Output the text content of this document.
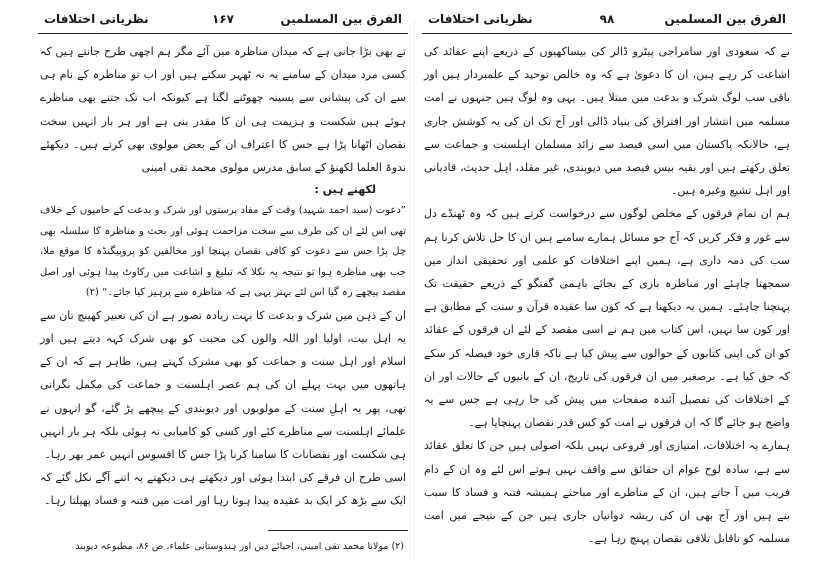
الفرق بین المسلمین
۱۶۷
نظریاتی اختلافات

تے بھی بڑا جانی ہے کہ میدان مناظرہ میں آئے مگر ہم اچھی طرح جانتے ہیں کہ کسی مرد میدان کے سامنے یہ نہ ٹھہر سکتے ہیں اور اب تو مناظرہ کے نام ہی سے ان کی پیشانی سے پسینہ چھوٹنے لگتا ہے کیونکہ اب تک جتنے بھی مناظرے ہوئے ہیں شکست و ہزیمت ہی ان کا مقدر بنی ہے اور ہر بار انہیں سخت نقصان اٹھانا پڑا ہے جس کا اعتراف ان کے بعض مولوی بھی کرتے ہیں۔ دیکھئے ندوۃ العلما لکھنؤ کے سابق مدرس مولوی محمد تقی امینی

لکھتے ہیں :

”دعوت (سید احمد شہید) وقت کے مفاد پرستوں اور شرک و بدعت کے حامیوں کے خلاف تھی اس لئے ان کی طرف سے سخت مزاحمت ہوئی اور بحث و مناظرہ کا سلسلہ بھی چل پڑا جس سے دعوت کو کافی نقصان پہنچا اور مخالفین کو پروپیگنڈہ کا موقع ملا، جب بھی مناظرہ ہوا تو نتیجہ یہ نکلا کہ تبلیغ و اشاعت میں رکاوٹ پیدا ہوئی اور اصل مقصد پیچھے رہ گیا اس لئے بہتر یہی ہے کہ مناظرہ سے پرہیز کیا جائے۔“ (۲)

ان کے ذہن میں شرک و بدعت کا بہت زیادہ تصور ہے ان کی تعبیر کھینچ تان سے یہ اہل بیت، اولیا اور اللہ والوں کی محبت کو بھی شرک کہہ دیتے ہیں اور اسلام اور اہل سنت و جماعت کو بھی مشرک کہتے ہیں، ظاہر ہے کہ ان کے ہاتھوں میں بہت پہلے ان کی ہم عصر اہلسنت و جماعت کی مکمل نگرانی تھی، پھر یہ اہلِ سنت کے مولویوں اور دیوبندی کے پیچھے پڑ گئے، گو انہوں نے علمائے اہلسنت سے مناظرے کئے اور کسی کو کامیابی نہ ہوئی بلکہ ہر بار انہیں ہی شکست اور نقصانات کا سامنا کرنا پڑا جس کا افسوس انہیں عمر بھر رہا۔

اسی طرح ان فرقے کی ابتدا ہوئی اور دیکھتے ہی دیکھتے یہ اتنے آگے نکل گئے کہ ایک سے بڑھ کر ایک بد عقیدہ پیدا ہوتا رہا اور امت میں فتنہ و فساد پھیلتا رہا۔

(۲) مولانا محمد تقی امینی، احیائے دین اور ہندوستانی علماء، ص ۸۶، مطبوعہ دیوبند
الفرق بین المسلمین
۹۸
نظریاتی اختلافات

نے کہ سعودی اور سامراجی پیٹرو ڈالر کی بیساکھیوں کے ذریعے اپنے عقائد کی اشاعت کر رہے ہیں، ان کا دعویٰ ہے کہ وہ خالص توحید کے علمبردار ہیں اور باقی سب لوگ شرک و بدعت میں مبتلا ہیں۔ یہی وہ لوگ ہیں جنہوں نے امت مسلمہ میں انتشار اور افتراق کی بنیاد ڈالی اور آج تک ان کی یہ کوشش جاری ہے، حالانکہ پاکستان میں اسی فیصد سے زائد مسلمان اہلسنت و جماعت سے تعلق رکھتے ہیں اور بقیہ بیس فیصد میں دیوبندی، غیر مقلد، اہل حدیث، قادیانی اور اہل تشیع وغیرہ ہیں۔

ہم ان تمام فرقوں کے مخلص لوگوں سے درخواست کرتے ہیں کہ وہ ٹھنڈے دل سے غور و فکر کریں کہ آج جو مسائل ہمارے سامنے ہیں ان کا حل تلاش کرنا ہم سب کی ذمہ داری ہے، ہمیں اپنے اختلافات کو علمی اور تحقیقی انداز میں سمجھنا چاہئے اور مناظرہ بازی کے بجائے باہمی گفتگو کے ذریعے حقیقت تک پہنچنا چاہئے۔ ہمیں یہ دیکھنا ہے کہ کون سا عقیدہ قرآن و سنت کے مطابق ہے اور کون سا نہیں، اس کتاب میں ہم نے اسی مقصد کے لئے ان فرقوں کے عقائد کو ان کی اپنی کتابوں کے حوالوں سے پیش کیا ہے تاکہ قاری خود فیصلہ کر سکے کہ حق کیا ہے۔ برصغیر میں ان فرقوں کی تاریخ، ان کے بانیوں کے حالات اور ان کے اختلافات کی تفصیل آئندہ صفحات میں پیش کی جا رہی ہے جس سے یہ واضح ہو جائے گا کہ ان فرقوں نے امت کو کس قدر نقصان پہنچایا ہے۔

ہمارے یہ اختلافات، امتیازی اور فروعی نہیں بلکہ اصولی ہیں جن کا تعلق عقائد سے ہے، سادہ لوح عوام ان حقائق سے واقف نہیں ہوتے اس لئے وہ ان کے دام فریب میں آ جاتے ہیں، ان کے مناظرے اور مباحثے ہمیشہ فتنہ و فساد کا سبب بنے ہیں اور آج بھی ان کی ریشہ دوانیاں جاری ہیں جن کے نتیجے میں امت مسلمہ کو ناقابل تلافی نقصان پہنچ رہا ہے۔
